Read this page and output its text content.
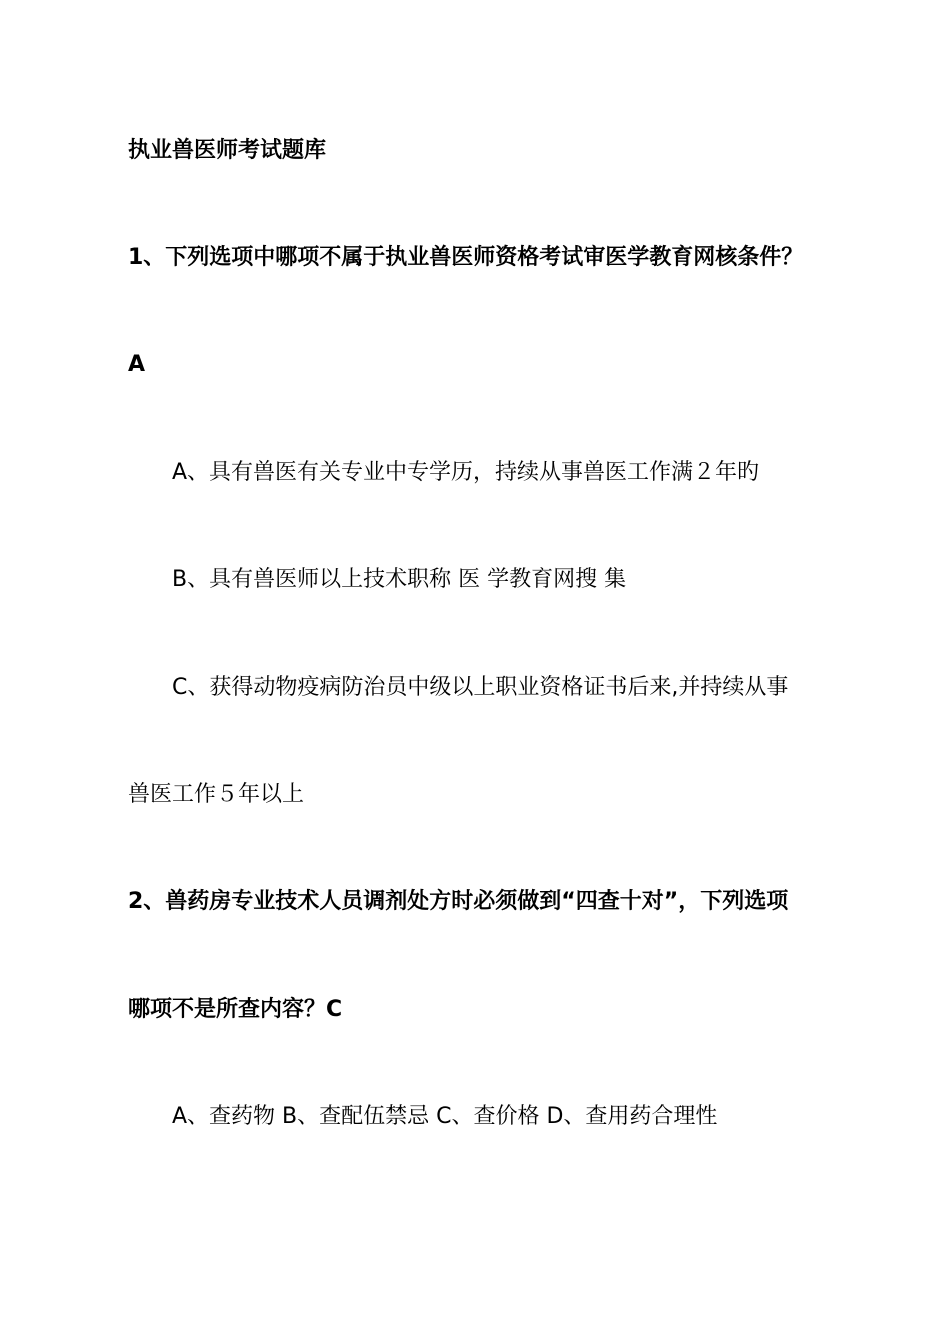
执业兽医师考试题库
1、下列选项中哪项不属于执业兽医师资格考试审医学教育网核条件？
A
A、具有兽医有关专业中专学历，持续从事兽医工作满２年旳
B、具有兽医师以上技术职称 医 学教育网搜 集
C、获得动物疫病防治员中级以上职业资格证书后来,并持续从事
兽医工作５年以上
2、兽药房专业技术人员调剂处方时必须做到“四查十对”，下列选项
哪项不是所查内容？C
A、查药物 B、查配伍禁忌 C、查价格 D、查用药合理性
